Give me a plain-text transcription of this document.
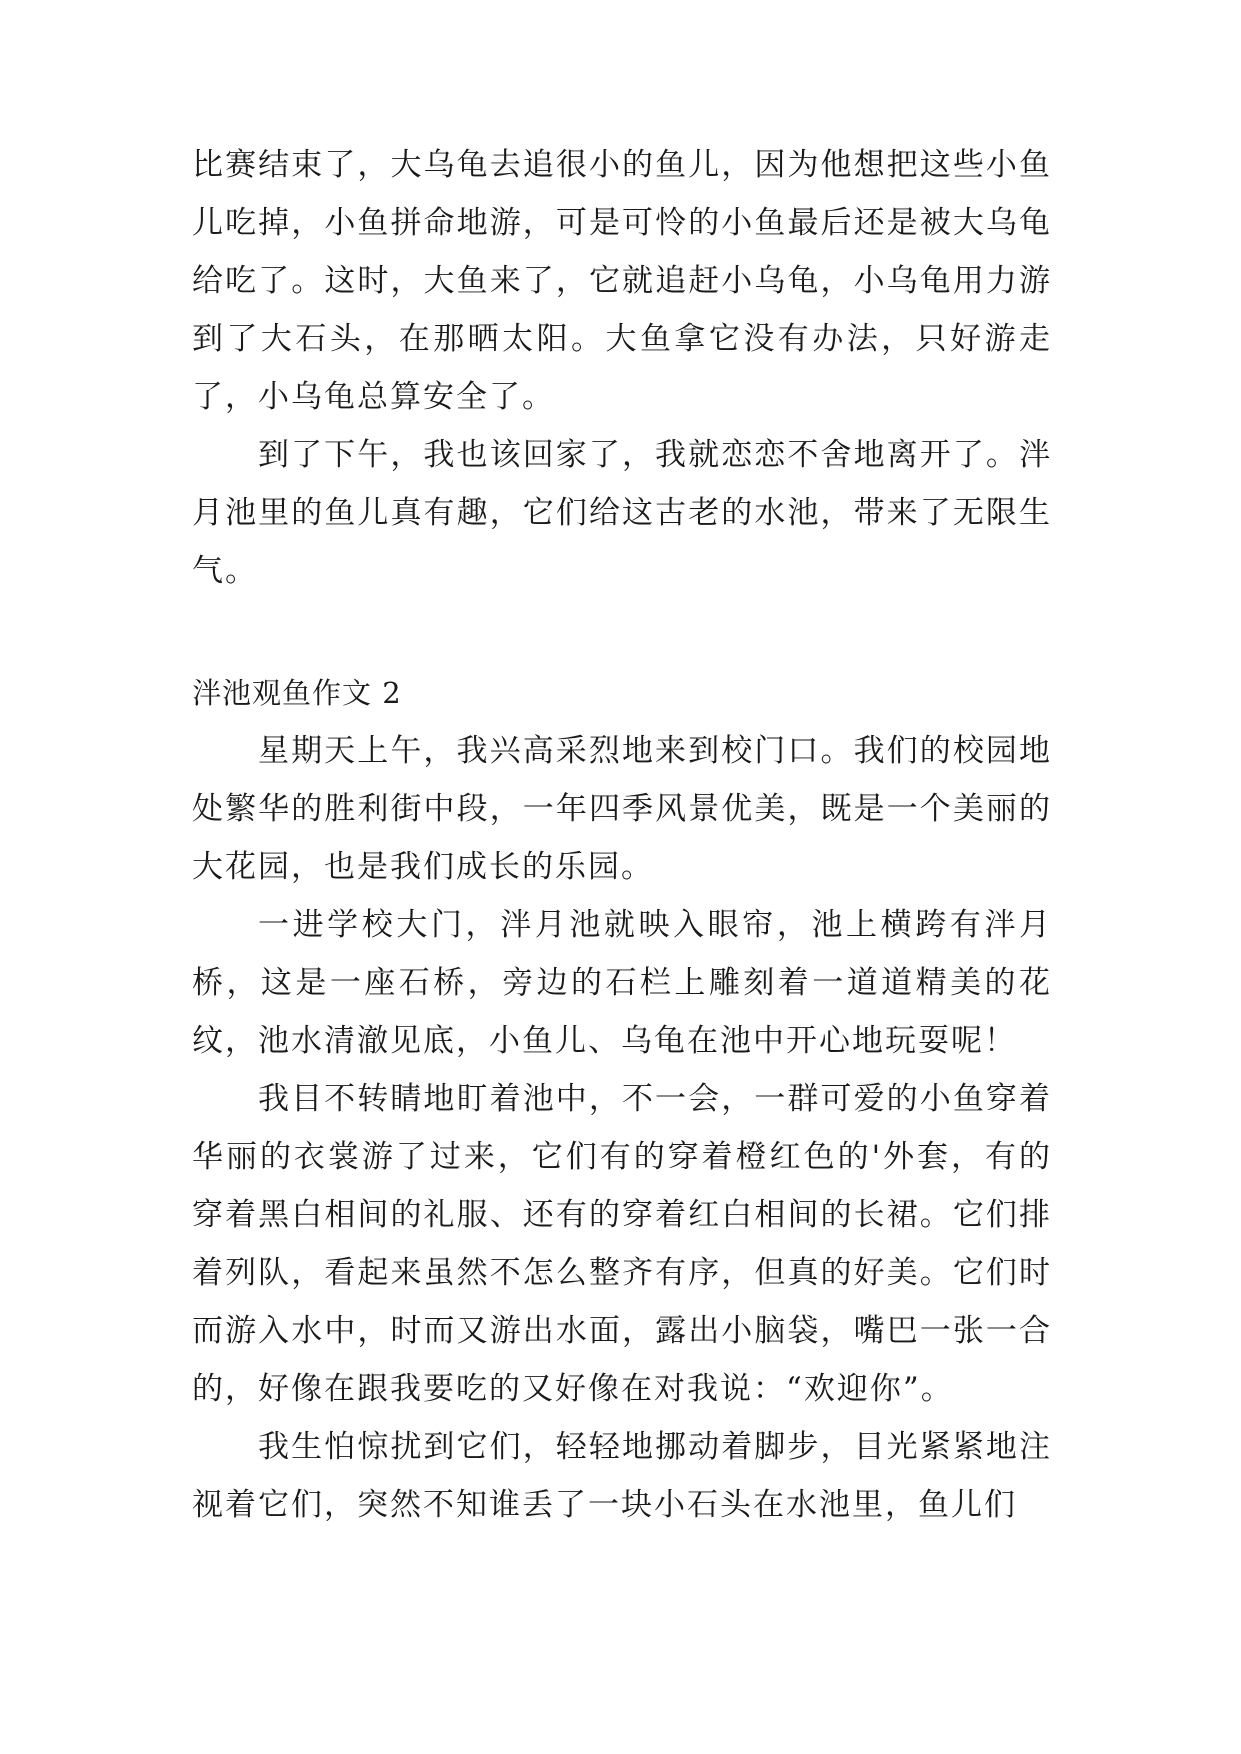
比赛结束了，大乌龟去追很小的鱼儿，因为他想把这些小鱼儿吃掉，小鱼拼命地游，可是可怜的小鱼最后还是被大乌龟给吃了。这时，大鱼来了，它就追赶小乌龟，小乌龟用力游到了大石头，在那晒太阳。大鱼拿它没有办法，只好游走了，小乌龟总算安全了。

到了下午，我也该回家了，我就恋恋不舍地离开了。泮月池里的鱼儿真有趣，它们给这古老的水池，带来了无限生气。

泮池观鱼作文 2

星期天上午，我兴高采烈地来到校门口。我们的校园地处繁华的胜利街中段，一年四季风景优美，既是一个美丽的大花园，也是我们成长的乐园。

一进学校大门，泮月池就映入眼帘，池上横跨有泮月桥，这是一座石桥，旁边的石栏上雕刻着一道道精美的花纹，池水清澈见底，小鱼儿、乌龟在池中开心地玩耍呢！

我目不转睛地盯着池中，不一会，一群可爱的小鱼穿着华丽的衣裳游了过来，它们有的穿着橙红色的'外套，有的穿着黑白相间的礼服、还有的穿着红白相间的长裙。它们排着列队，看起来虽然不怎么整齐有序，但真的好美。它们时而游入水中，时而又游出水面，露出小脑袋，嘴巴一张一合的，好像在跟我要吃的又好像在对我说：“欢迎你”。

我生怕惊扰到它们，轻轻地挪动着脚步，目光紧紧地注视着它们，突然不知谁丢了一块小石头在水池里，鱼儿们
